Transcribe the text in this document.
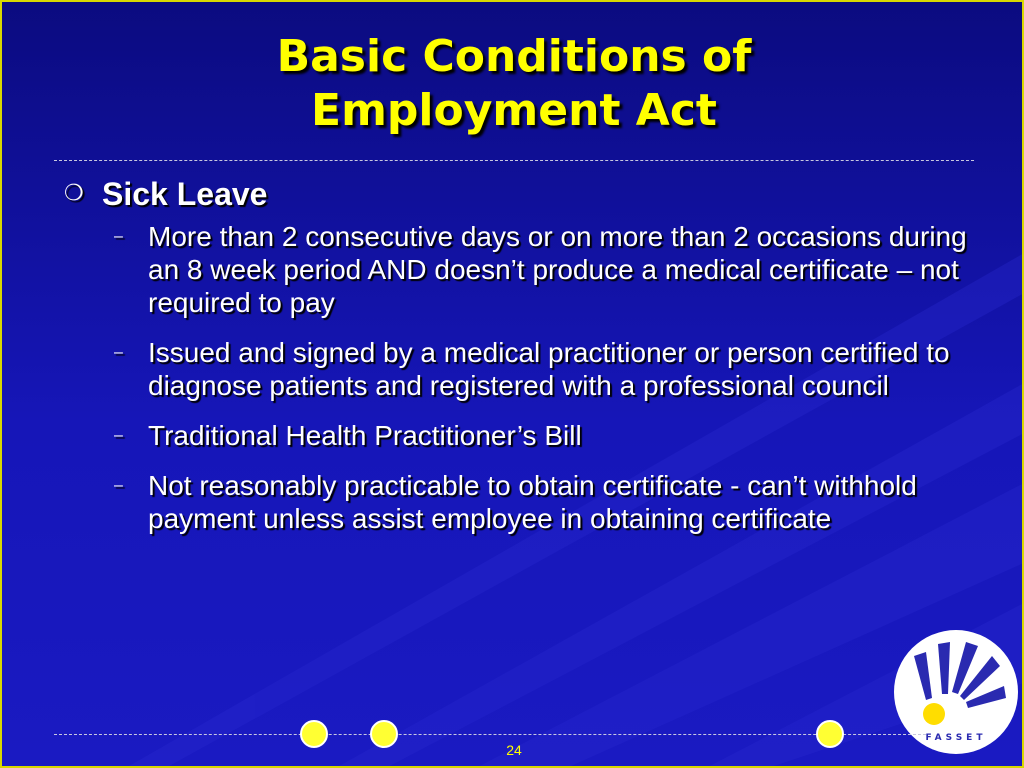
Basic Conditions of
Employment Act
❍ Sick Leave
– More than 2 consecutive days or on more than 2 occasions during an 8 week period AND doesn’t produce a medical certificate – not required to pay
– Issued and signed by a medical practitioner or person certified to diagnose patients and registered with a professional council
– Traditional Health Practitioner’s Bill
– Not reasonably practicable to obtain certificate - can’t withhold payment unless assist employee in obtaining certificate
FASSET
24
